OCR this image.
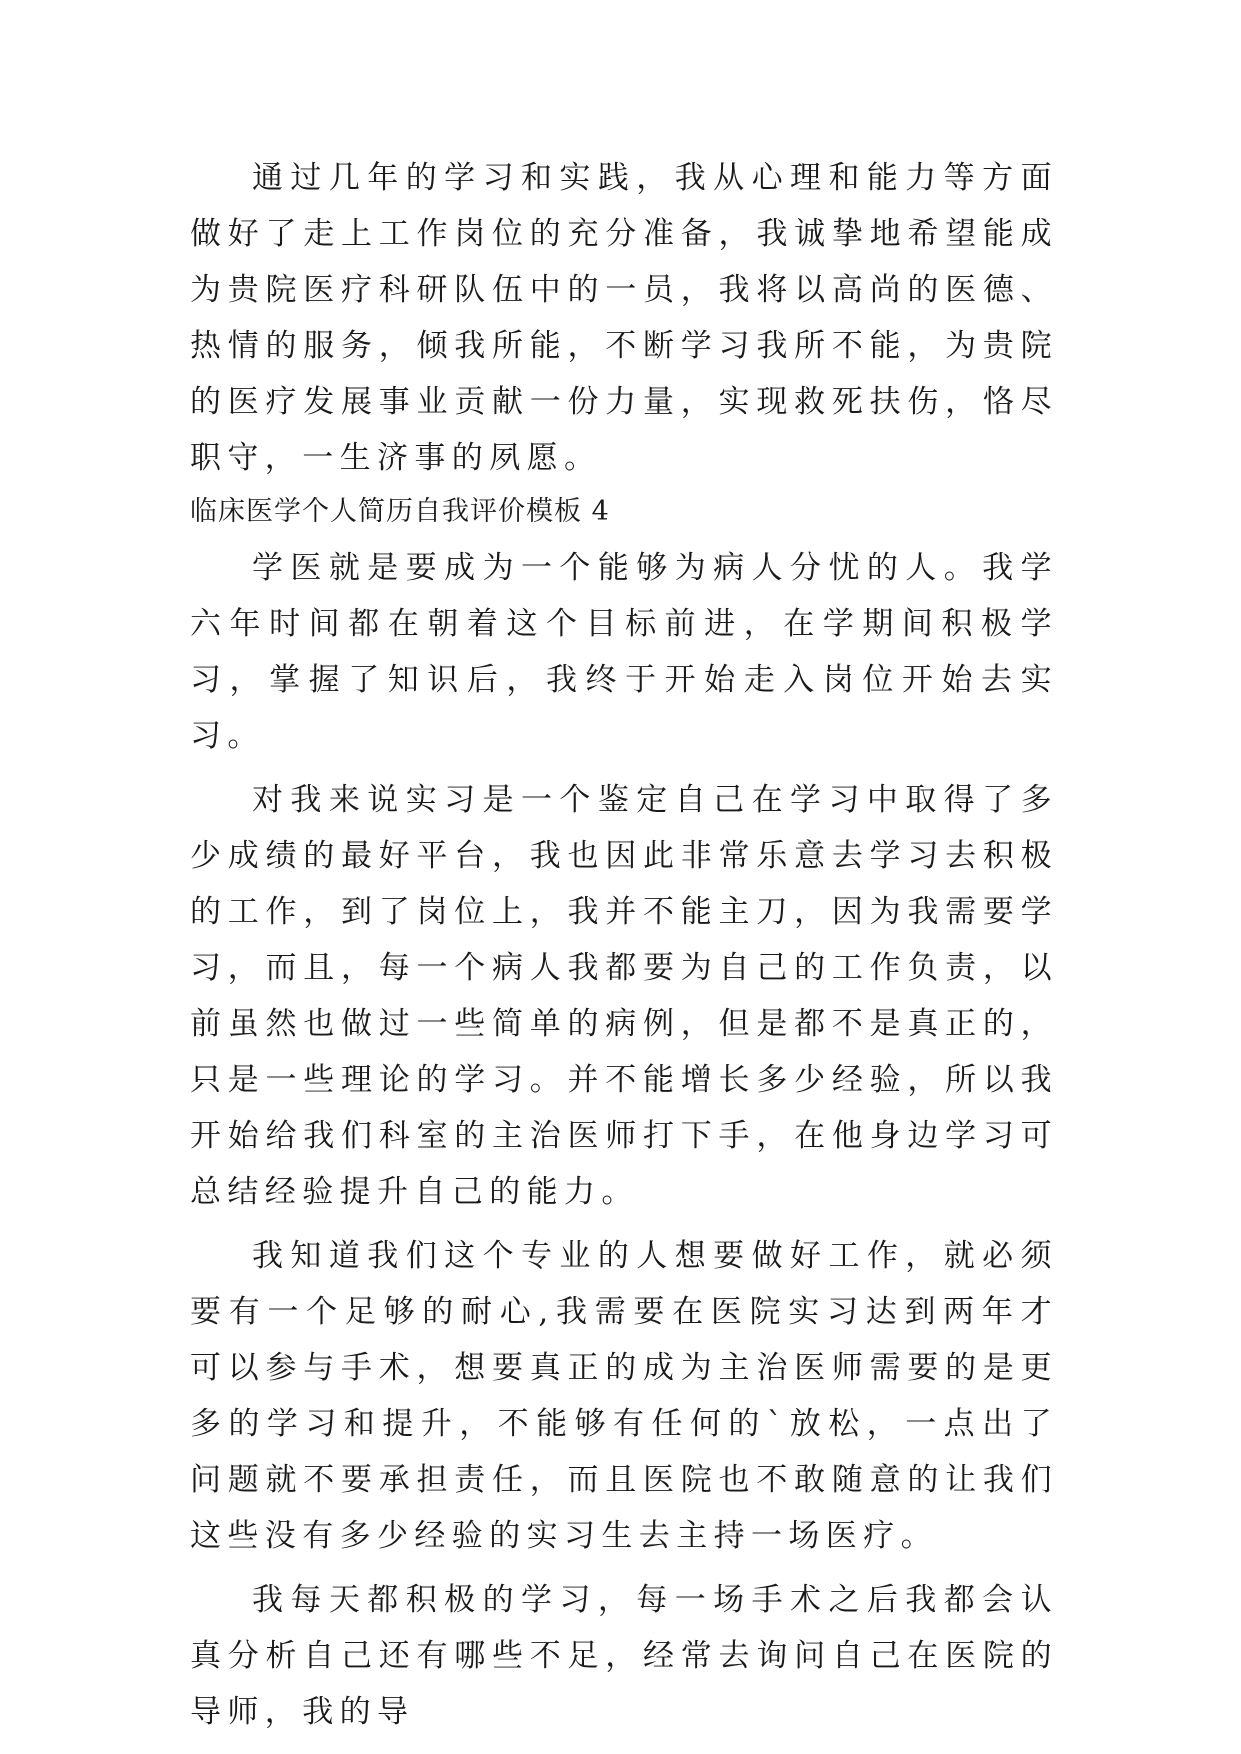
通过几年的学习和实践，我从心理和能力等方面做好了走上工作岗位的充分准备，我诚挚地希望能成为贵院医疗科研队伍中的一员，我将以高尚的医德、热情的服务，倾我所能，不断学习我所不能，为贵院的医疗发展事业贡献一份力量，实现救死扶伤，恪尽职守，一生济事的夙愿。

临床医学个人简历自我评价模板 4

学医就是要成为一个能够为病人分忧的人。我学六年时间都在朝着这个目标前进，在学期间积极学习，掌握了知识后，我终于开始走入岗位开始去实习。

对我来说实习是一个鉴定自己在学习中取得了多少成绩的最好平台，我也因此非常乐意去学习去积极的工作，到了岗位上，我并不能主刀，因为我需要学习，而且，每一个病人我都要为自己的工作负责，以前虽然也做过一些简单的病例，但是都不是真正的，只是一些理论的学习。并不能增长多少经验，所以我开始给我们科室的主治医师打下手，在他身边学习可总结经验提升自己的能力。

我知道我们这个专业的人想要做好工作，就必须要有一个足够的耐心,我需要在医院实习达到两年才可以参与手术，想要真正的成为主治医师需要的是更多的学习和提升，不能够有任何的`放松，一点出了问题就不要承担责任，而且医院也不敢随意的让我们这些没有多少经验的实习生去主持一场医疗。

我每天都积极的学习，每一场手术之后我都会认真分析自己还有哪些不足，经常去询问自己在医院的导师，我的导
